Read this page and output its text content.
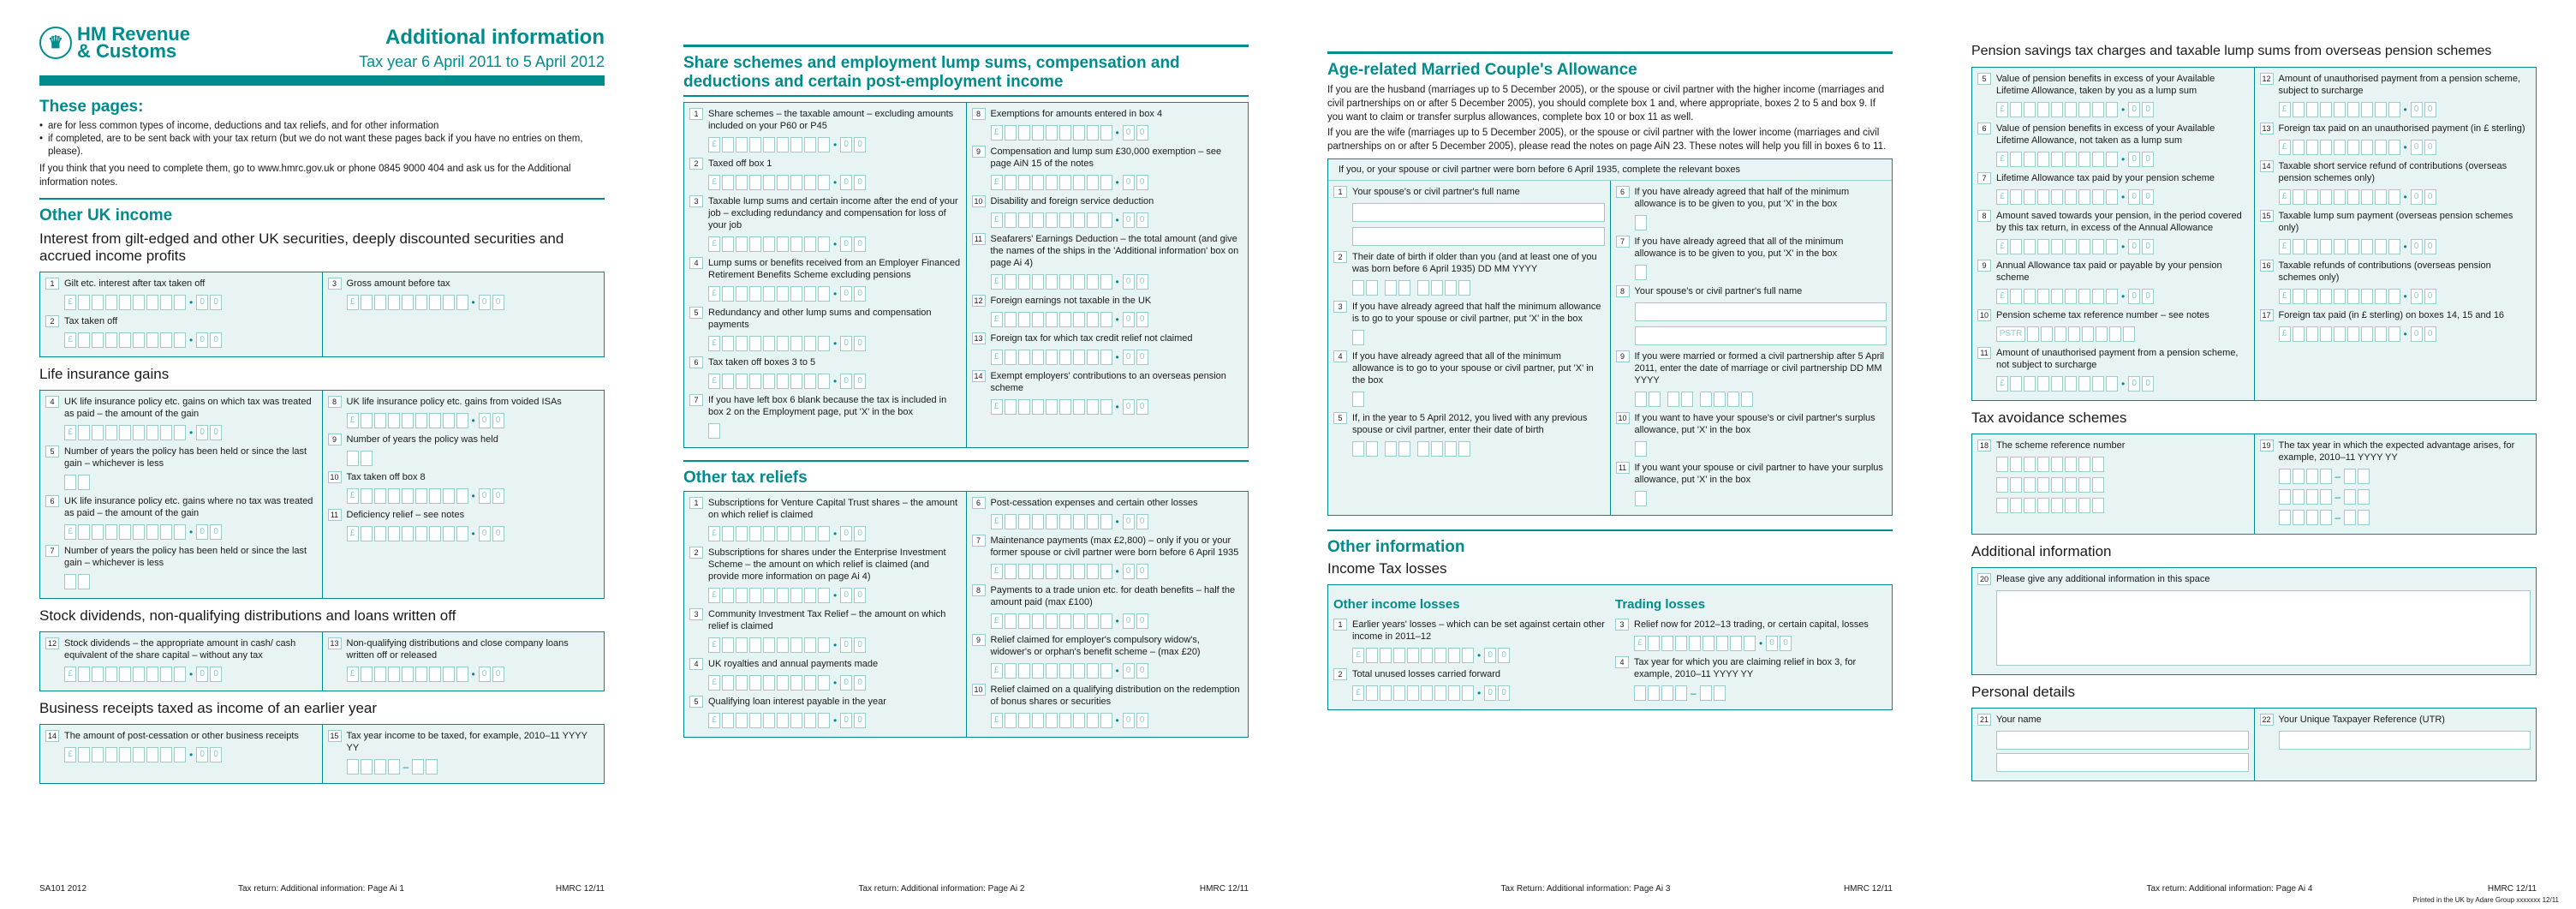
♛ HM Revenue
& Customs
Additional information
Tax year 6 April 2011 to 5 April 2012
These pages:
• are for less common types of income, deductions and tax reliefs, and for other information
• if completed, are to be sent back with your tax return (but we do not want these pages back if you have no entries on them, please).

If you think that you need to complete them, go to www.hmrc.gov.uk or phone 0845 9000 404 and ask us for the Additional information notes.

Other UK income
Interest from gilt-edged and other UK securities, deeply discounted securities and accrued income profits
1	Gilt etc. interest after tax taken off
£	• 0	0
2	Tax taken off
£	• 0	0
3	Gross amount before tax
£	• 0	0
Life insurance gains
4	UK life insurance policy etc. gains on which tax was treated as paid – the amount of the gain
£	• 0	0
5	Number of years the policy has been held or since the last gain – whichever is less
6	UK life insurance policy etc. gains where no tax was treated as paid – the amount of the gain
£	• 0	0
7	Number of years the policy has been held or since the last gain – whichever is less
8	UK life insurance policy etc. gains from voided ISAs
£	• 0	0
9	Number of years the policy was held
10 Tax taken off box 8
£	• 0	0
11 Deficiency relief – see notes
£	• 0	0
Stock dividends, non-qualifying distributions and loans written off
12 Stock dividends – the appropriate amount in cash/ cash equivalent of the share capital – without any tax
£	• 0	0
13 Non-qualifying distributions and close company loans written off or released
£	• 0	0
Business receipts taxed as income of an earlier year
14 The amount of post-cessation or other business receipts
£	• 0	0
15 Tax year income to be taxed, for example, 2010–11 YYYY YY
–
SA101 2012	Tax return: Additional information: Page Ai 1	HMRC 12/11
Share schemes and employment lump sums, compensation and deductions and certain post-employment income
1	Share schemes – the taxable amount – excluding amounts included on your P60 or P45
£	• 0	0
2	Taxed off box 1
£	• 0	0
3	Taxable lump sums and certain income after the end of your job – excluding redundancy and compensation for loss of your job
£	• 0	0
4	Lump sums or benefits received from an Employer Financed Retirement Benefits Scheme excluding pensions
£	• 0	0
5	Redundancy and other lump sums and compensation payments
£	• 0	0
6	Tax taken off boxes 3 to 5
£	• 0	0
7	If you have left box 6 blank because the tax is included in box 2 on the Employment page, put 'X' in the box
8	Exemptions for amounts entered in box 4
£	• 0	0
9	Compensation and lump sum £30,000 exemption – see page AiN 15 of the notes
£	• 0	0
10 Disability and foreign service deduction
£	• 0	0
11 Seafarers' Earnings Deduction – the total amount (and give the names of the ships in the 'Additional information' box on page Ai 4)
£	• 0	0
12 Foreign earnings not taxable in the UK
£	• 0	0
13 Foreign tax for which tax credit relief not claimed
£	• 0	0
14 Exempt employers' contributions to an overseas pension scheme
£	• 0	0
Other tax reliefs
1	Subscriptions for Venture Capital Trust shares – the amount on which relief is claimed
£	• 0	0
2	Subscriptions for shares under the Enterprise Investment Scheme – the amount on which relief is claimed (and provide more information on page Ai 4)
£	• 0	0
3	Community Investment Tax Relief – the amount on which relief is claimed
£	• 0	0
4	UK royalties and annual payments made
£	• 0	0
5	Qualifying loan interest payable in the year
£	• 0	0
6	Post-cessation expenses and certain other losses
£	• 0	0
7	Maintenance payments (max £2,800) – only if you or your former spouse or civil partner were born before 6 April 1935
£	• 0	0
8	Payments to a trade union etc. for death benefits – half the amount paid (max £100)
£	• 0	0
9	Relief claimed for employer's compulsory widow's, widower's or orphan's benefit scheme – (max £20)
£	• 0	0
10 Relief claimed on a qualifying distribution on the redemption of bonus shares or securities
£	• 0	0
Tax return: Additional information: Page Ai 2	HMRC 12/11
Age-related Married Couple's Allowance

If you are the husband (marriages up to 5 December 2005), or the spouse or civil partner with the higher income (marriages and civil partnerships on or after 5 December 2005), you should complete box 1 and, where appropriate, boxes 2 to 5 and box 9. If you want to claim or transfer surplus allowances, complete box 10 or box 11 as well.

If you are the wife (marriages up to 5 December 2005), or the spouse or civil partner with the lower income (marriages and civil partnerships on or after 5 December 2005), please read the notes on page AiN 23. These notes will help you fill in boxes 6 to 11.

If you, or your spouse or civil partner were born before 6 April 1935, complete the relevant boxes
1	Your spouse's or civil partner's full name
2	Their date of birth if older than you (and at least one of you was born before 6 April 1935) DD MM YYYY
3	If you have already agreed that half the minimum allowance is to go to your spouse or civil partner, put 'X' in the box
4	If you have already agreed that all of the minimum allowance is to go to your spouse or civil partner, put 'X' in the box
5	If, in the year to 5 April 2012, you lived with any previous spouse or civil partner, enter their date of birth
6	If you have already agreed that half of the minimum allowance is to be given to you, put 'X' in the box
7	If you have already agreed that all of the minimum allowance is to be given to you, put 'X' in the box
8	Your spouse's or civil partner's full name
9	If you were married or formed a civil partnership after 5 April 2011, enter the date of marriage or civil partnership DD MM YYYY
10 If you want to have your spouse's or civil partner's surplus allowance, put 'X' in the box
11 If you want your spouse or civil partner to have your surplus allowance, put 'X' in the box
Other information
Income Tax losses
Other income losses
1	Earlier years' losses – which can be set against certain other income in 2011–12
£	• 0	0
2	Total unused losses carried forward
£	• 0	0
Trading losses
3	Relief now for 2012–13 trading, or certain capital, losses
£	• 0	0
4	Tax year for which you are claiming relief in box 3, for example, 2010–11 YYYY YY
–
Tax Return: Additional information: Page Ai 3	HMRC 12/11
Pension savings tax charges and taxable lump sums from overseas pension schemes
5	Value of pension benefits in excess of your Available Lifetime Allowance, taken by you as a lump sum
£	• 0	0
6	Value of pension benefits in excess of your Available Lifetime Allowance, not taken as a lump sum
£	• 0	0
7	Lifetime Allowance tax paid by your pension scheme
£	• 0	0
8	Amount saved towards your pension, in the period covered by this tax return, in excess of the Annual Allowance
£	• 0	0
9	Annual Allowance tax paid or payable by your pension scheme
£	• 0	0
10 Pension scheme tax reference number – see notes
PSTR
11 Amount of unauthorised payment from a pension scheme, not subject to surcharge
£	• 0	0
12 Amount of unauthorised payment from a pension scheme, subject to surcharge
£	• 0	0
13 Foreign tax paid on an unauthorised payment (in £ sterling)
£	• 0	0
14 Taxable short service refund of contributions (overseas pension schemes only)
£	• 0	0
15 Taxable lump sum payment (overseas pension schemes only)
£	• 0	0
16 Taxable refunds of contributions (overseas pension schemes only)
£	• 0	0
17 Foreign tax paid (in £ sterling) on boxes 14, 15 and 16
£	• 0	0
Tax avoidance schemes
18 The scheme reference number	19 The tax year in which the expected advantage arises, for example, 2010–11 YYYY YY
–
–
–
Additional information
20 Please give any additional information in this space
Personal details
21 Your name	22 Your Unique Taxpayer Reference (UTR)
Tax return: Additional information: Page Ai 4	HMRC 12/11
Printed in the UK by Adare Group xxxxxxx 12/11
